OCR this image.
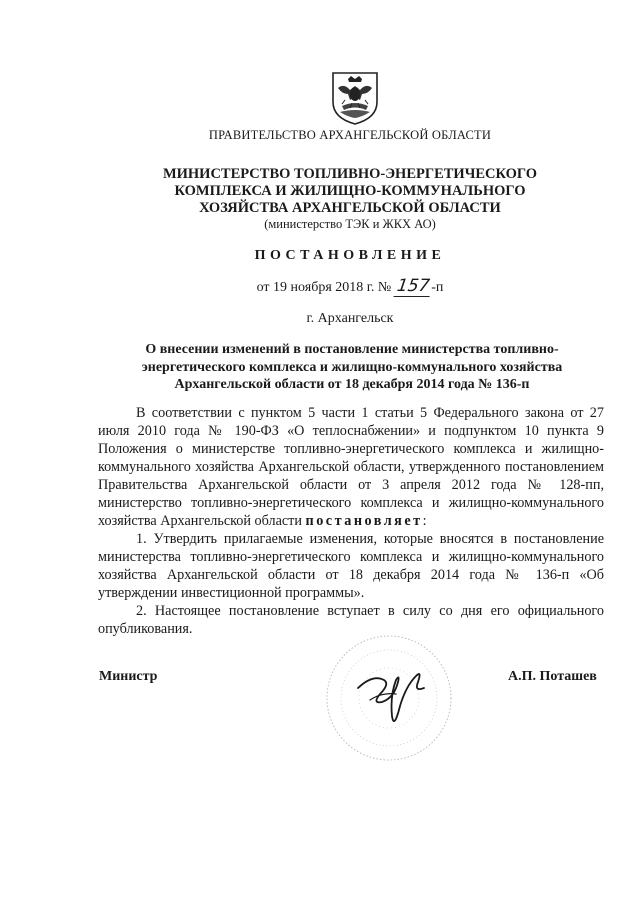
ПРАВИТЕЛЬСТВО АРХАНГЕЛЬСКОЙ ОБЛАСТИ
МИНИСТЕРСТВО ТОПЛИВНО-ЭНЕРГЕТИЧЕСКОГО
КОМПЛЕКСА И ЖИЛИЩНО-КОММУНАЛЬНОГО
ХОЗЯЙСТВА АРХАНГЕЛЬСКОЙ ОБЛАСТИ
(министерство ТЭК и ЖКХ АО)
ПОСТАНОВЛЕНИЕ
от 19 ноября 2018 г. № 157-п
г. Архангельск
О внесении изменений в постановление министерства топливно-
энергетического комплекса и жилищно-коммунального хозяйства
Архангельской области от 18 декабря 2014 года № 136-п

В соответствии с пунктом 5 части 1 статьи 5 Федерального закона от 27 июля 2010 года № 190-ФЗ «О теплоснабжении» и подпунктом 10 пункта 9 Положения о министерстве топливно-энергетического комплекса и жилищно-коммунального хозяйства Архангельской области, утвержденного постановлением Правительства Архангельской области от 3 апреля 2012 года № 128-пп, министерство топливно-энергетического комплекса и жилищно-коммунального хозяйства Архангельской области постановляет:

1. Утвердить прилагаемые изменения, которые вносятся в постановление министерства топливно-энергетического комплекса и жилищно-коммунального хозяйства Архангельской области от 18 декабря 2014 года № 136-п «Об утверждении инвестиционной программы».

2. Настоящее постановление вступает в силу со дня его официального опубликования.

Министр	А.П. Поташев
